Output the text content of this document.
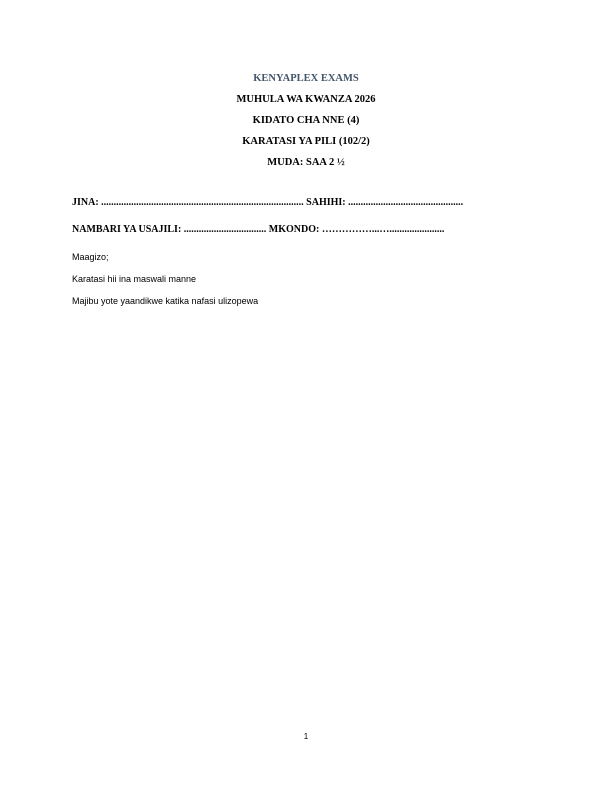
KENYAPLEX EXAMS
MUHULA WA KWANZA 2026
KIDATO CHA NNE (4)
KARATASI YA PILI (102/2)
MUDA: SAA 2 ½
JINA: ................................................................................. SAHIHI: ..............................................
NAMBARI YA USAJILI: ................................. MKONDO: ……………...…......................
Maagizo;
Karatasi hii ina maswali manne
Majibu yote yaandikwe katika nafasi ulizopewa
1
